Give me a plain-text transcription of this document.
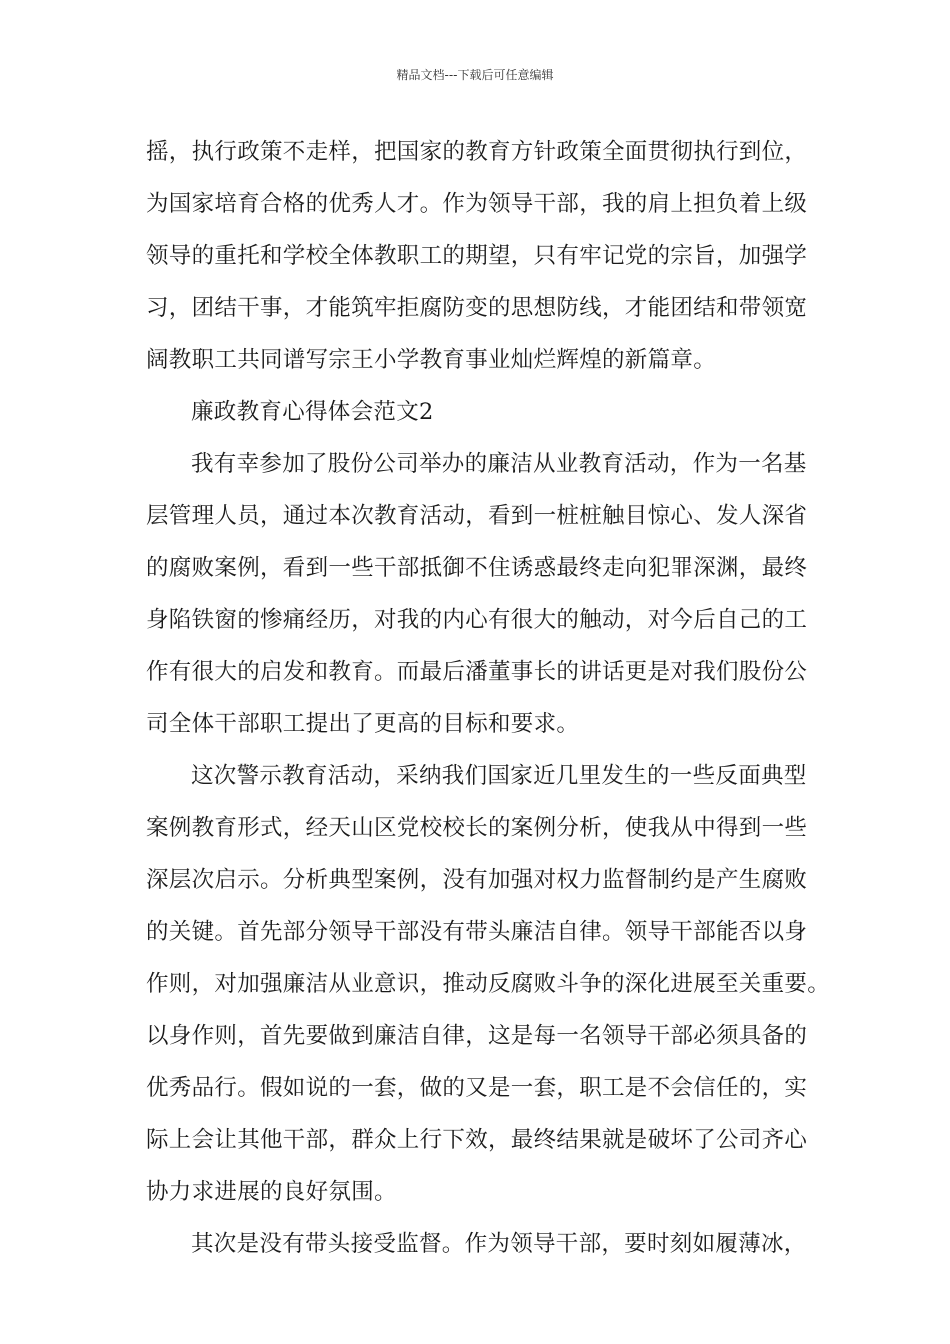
精品文档---下载后可任意编辑
摇，执行政策不走样，把国家的教育方针政策全面贯彻执行到位，
为国家培育合格的优秀人才。作为领导干部，我的肩上担负着上级
领导的重托和学校全体教职工的期望，只有牢记党的宗旨，加强学
习，团结干事，才能筑牢拒腐防变的思想防线，才能团结和带领宽
阔教职工共同谱写宗王小学教育事业灿烂辉煌的新篇章。
廉政教育心得体会范文2
我有幸参加了股份公司举办的廉洁从业教育活动，作为一名基
层管理人员，通过本次教育活动，看到一桩桩触目惊心、发人深省
的腐败案例，看到一些干部抵御不住诱惑最终走向犯罪深渊，最终
身陷铁窗的惨痛经历，对我的内心有很大的触动，对今后自己的工
作有很大的启发和教育。而最后潘董事长的讲话更是对我们股份公
司全体干部职工提出了更高的目标和要求。
这次警示教育活动，采纳我们国家近几里发生的一些反面典型
案例教育形式，经天山区党校校长的案例分析，使我从中得到一些
深层次启示。分析典型案例，没有加强对权力监督制约是产生腐败
的关键。首先部分领导干部没有带头廉洁自律。领导干部能否以身
作则，对加强廉洁从业意识，推动反腐败斗争的深化进展至关重要。
以身作则，首先要做到廉洁自律，这是每一名领导干部必须具备的
优秀品行。假如说的一套，做的又是一套，职工是不会信任的，实
际上会让其他干部，群众上行下效，最终结果就是破坏了公司齐心
协力求进展的良好氛围。
其次是没有带头接受监督。作为领导干部，要时刻如履薄冰，
